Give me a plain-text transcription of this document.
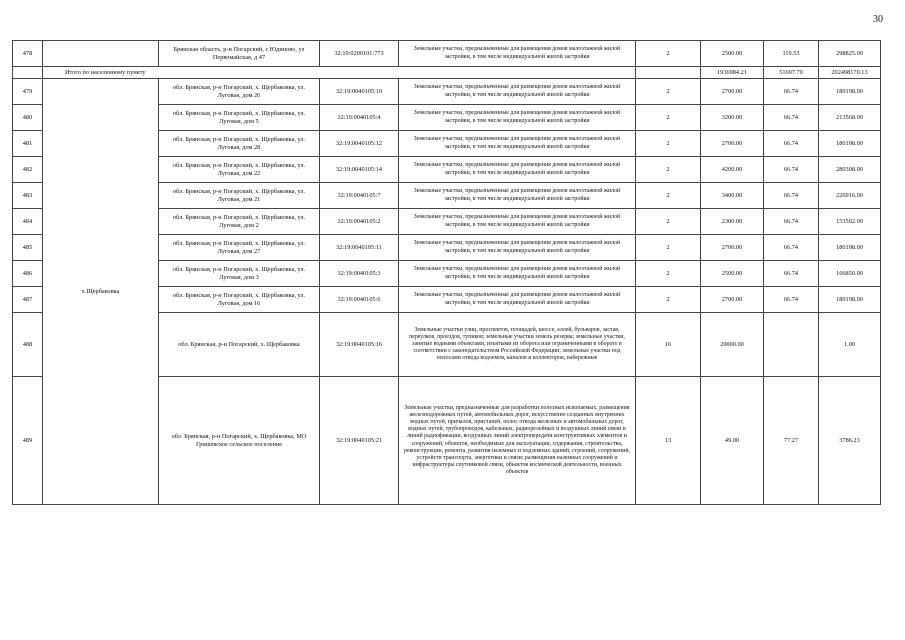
30
478		Брянская область, р-н Погарский, с Юдиново, ул Первомайская, д 47	32:19:0200101:773	Земельные участки, предназначенные для размещения домов малоэтажной жилой застройки, в том числе индивидуальной жилой застройки	2	2500.00	119.53	298825.00
	Итого по населенному пункту					1936984.21	51697.79	202498170.13
479	х.Щербаковка	обл. Брянская, р-н Погарский, х. Щербаковка, ул. Луговая, дом 26	32:19:0040105:10	Земельные участки, предназначенные для размещения домов малоэтажной жилой застройки, в том числе индивидуальной жилой застройки	2	2700.00	66.74	180198.00
480		обл. Брянская, р-н Погарский, х. Щербаковка, ул. Луговая, дом 5	32:19:0040105:4	Земельные участки, предназначенные для размещения домов малоэтажной жилой застройки, в том числе индивидуальной жилой застройки	2	3200.00	66.74	213568.00
481		обл. Брянская, р-н Погарский, х. Щербаковка, ул. Луговая, дом 28	32:19:0040105:12	Земельные участки, предназначенные для размещения домов малоэтажной жилой застройки, в том числе индивидуальной жилой застройки	2	2700.00	66.74	180198.00
482		обл. Брянская, р-н Погарский, х. Щербаковка, ул. Луговая, дом 22	32:19:0040105:14	Земельные участки, предназначенные для размещения домов малоэтажной жилой застройки, в том числе индивидуальной жилой застройки	2	4200.00	66.74	280308.00
483		обл. Брянская, р-н Погарский, х. Щербаковка, ул. Луговая, дом 21	32:19:0040105:7	Земельные участки, предназначенные для размещения домов малоэтажной жилой застройки, в том числе индивидуальной жилой застройки	2	3400.00	66.74	226916.00
484		обл. Брянская, р-н Погарский, х. Щербаковка, ул. Луговая, дом 2	32:19:0040105:2	Земельные участки, предназначенные для размещения домов малоэтажной жилой застройки, в том числе индивидуальной жилой застройки	2	2300.00	66.74	153502.00
485		обл. Брянская, р-н Погарский, х. Щербаковка, ул. Луговая, дом 27	32:19:0040105:11	Земельные участки, предназначенные для размещения домов малоэтажной жилой застройки, в том числе индивидуальной жилой застройки	2	2700.00	66.74	180198.00
486		обл. Брянская, р-н Погарский, х. Щербаковка, ул. Луговая, дом 3	32:19:0040105:3	Земельные участки, предназначенные для размещения домов малоэтажной жилой застройки, в том числе индивидуальной жилой застройки	2	2500.00	66.74	166850.00
487		обл. Брянская, р-н Погарский, х. Щербаковка, ул. Луговая, дом 16	32:19:0040105:6	Земельные участки, предназначенные для размещения домов малоэтажной жилой застройки, в том числе индивидуальной жилой застройки	2	2700.00	66.74	180198.00
488		обл. Брянская, р-н Погарский, х. Щербаковка	32:19:0040105:16	Земельные участки улиц, проспектов, площадей, шоссе, аллей, бульваров, застав, переулков, проездов, тупиков; земельные участки земель резерва; земельные участки, занятые водными объектами, изъятыми из оборота или ограниченными в обороте в соответствии с законодательством Российской Федерации; земельные участки под полосами отвода водоемов, каналов и коллекторов, набережные	16	20000.00		1.00
489		обл. Брянская, р-н Погарский, х. Щербаковка, МО Гришевское сельское поселение	32:19:0040105:21	Земельные участки, предназначенные для разработки полезных ископаемых, размещения железнодорожных путей, автомобильных дорог, искусственно созданных внутренних водных путей, причалов, пристаней, полос отвода железных и автомобильных дорог, водных путей, трубопроводов, кабельных, радиорелейных и воздушных линий связи и линий радиофикации, воздушных линий электропередачи конструктивных элементов и сооружений, объектов, необходимых для эксплуатации, содержания, строительства, реконструкции, ремонта, развития наземных и подземных зданий, строений, сооружений, устройств транспорта, энергетики и связи; размещения наземных сооружений и инфраструктуры спутниковой связи, объектов космической деятельности, военных объектов	13	49.00	77.27	3786.23
